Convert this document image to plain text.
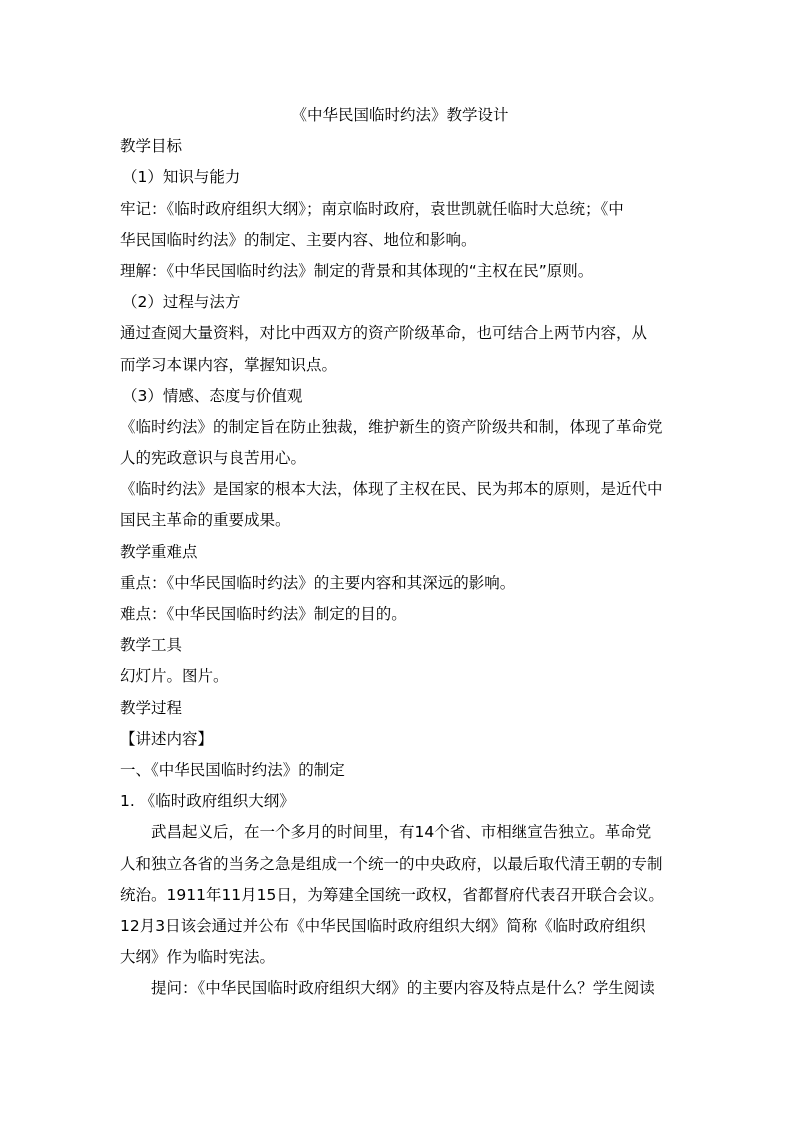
《中华民国临时约法》教学设计
教学目标
（1）知识与能力
牢记：《临时政府组织大纲》；南京临时政府，袁世凯就任临时大总统；《中
华民国临时约法》的制定、主要内容、地位和影响。
理解：《中华民国临时约法》制定的背景和其体现的“主权在民”原则。
（2）过程与法方
通过查阅大量资料，对比中西双方的资产阶级革命，也可结合上两节内容，从
而学习本课内容，掌握知识点。
（3）情感、态度与价值观
《临时约法》的制定旨在防止独裁，维护新生的资产阶级共和制，体现了革命党
人的宪政意识与良苦用心。
《临时约法》是国家的根本大法，体现了主权在民、民为邦本的原则，是近代中
国民主革命的重要成果。
教学重难点
重点：《中华民国临时约法》的主要内容和其深远的影响。
难点：《中华民国临时约法》制定的目的。
教学工具
幻灯片。图片。
教学过程
【讲述内容】
一、《中华民国临时约法》的制定
1. 《临时政府组织大纲》
武昌起义后，在一个多月的时间里，有14个省、市相继宣告独立。革命党
人和独立各省的当务之急是组成一个统一的中央政府，以最后取代清王朝的专制
统治。1911年11月15日，为筹建全国统一政权，省都督府代表召开联合会议。
12月3日该会通过并公布《中华民国临时政府组织大纲》简称《临时政府组织
大纲》作为临时宪法。
提问：《中华民国临时政府组织大纲》的主要内容及特点是什么？学生阅读
